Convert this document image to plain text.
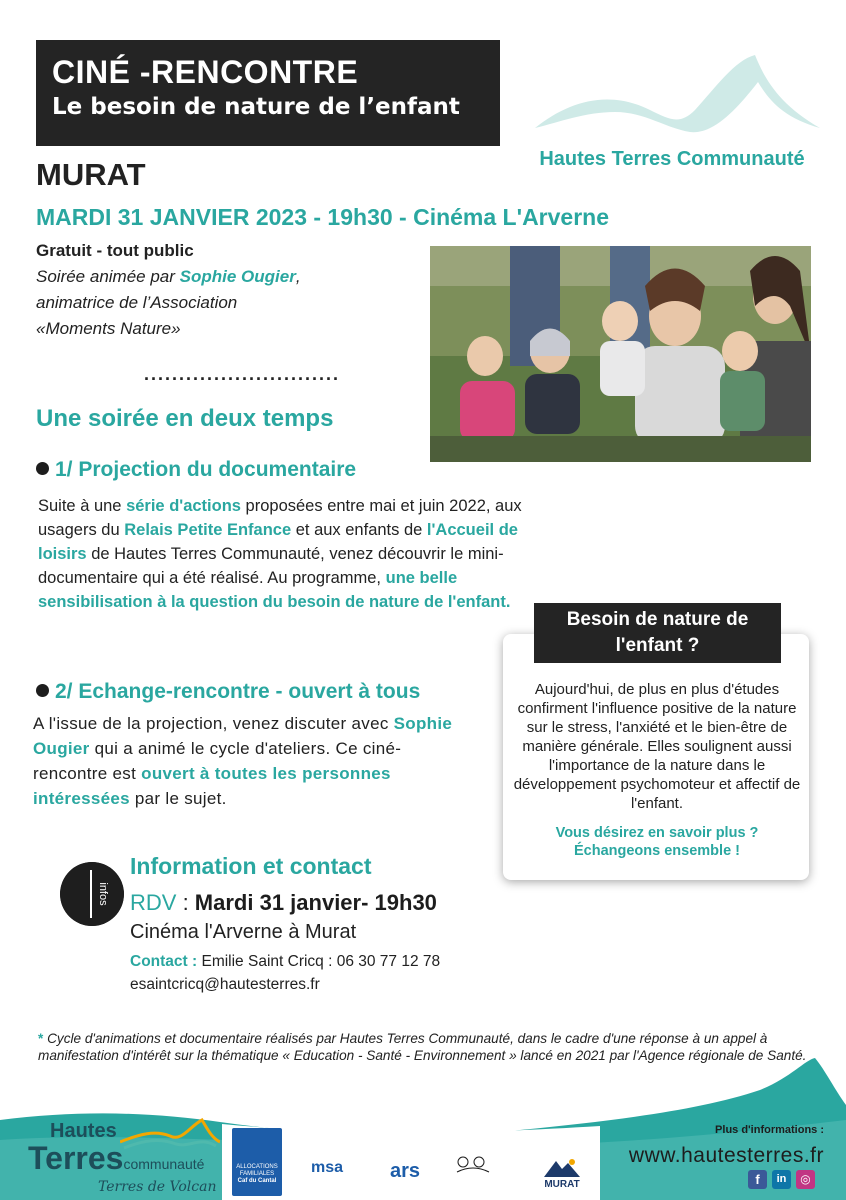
CINÉ -RENCONTRE
Le besoin de nature de l’enfant
Hautes Terres Communauté
MURAT
MARDI 31 JANVIER 2023 - 19h30 - Cinéma L'Arverne
Gratuit - tout public
Soirée animée par Sophie Ougier,
animatrice de l’Association
«Moments Nature»
............................
Une soirée en deux temps
1/ Projection du documentaire
Suite à une série d'actions proposées entre mai et juin 2022, aux usagers du Relais Petite Enfance et aux enfants de l'Accueil de loisirs de Hautes Terres Communauté, venez découvrir le mini-documentaire qui a été réalisé. Au programme, une belle sensibilisation à la question du besoin de nature de l'enfant.
2/ Echange-rencontre - ouvert à tous
A l'issue de la projection, venez discuter avec Sophie Ougier qui a animé le cycle d'ateliers. Ce ciné-rencontre est ouvert à toutes les personnes intéressées par le sujet.
Besoin de nature de l'enfant ?
Aujourd'hui, de plus en plus d'études confirment l'influence positive de la nature sur le stress, l'anxiété et le bien-être de manière générale. Elles soulignent aussi l'importance de la nature dans le développement psychomoteur et affectif de l'enfant.
Vous désirez en savoir plus ? Échangeons ensemble !
infos
Information et contact
RDV : Mardi 31 janvier- 19h30
Cinéma l'Arverne à Murat
Contact : Emilie Saint Cricq : 06 30 77 12 78
esaintcricq@hautesterres.fr
* Cycle d'animations et documentaire réalisés par Hautes Terres Communauté, dans le cadre d'une réponse à un appel à manifestation d'intérêt sur la thématique « Education - Santé - Environnement » lancé en 2021 par l'Agence régionale de Santé.
Hautes
Terrescommunauté
Terres de Volcan
ALLOCATIONS FAMILIALES
Caf du Cantal
msa	ars
MURAT
Plus d'informations :
www.hautesterres.fr
f	in	◎
